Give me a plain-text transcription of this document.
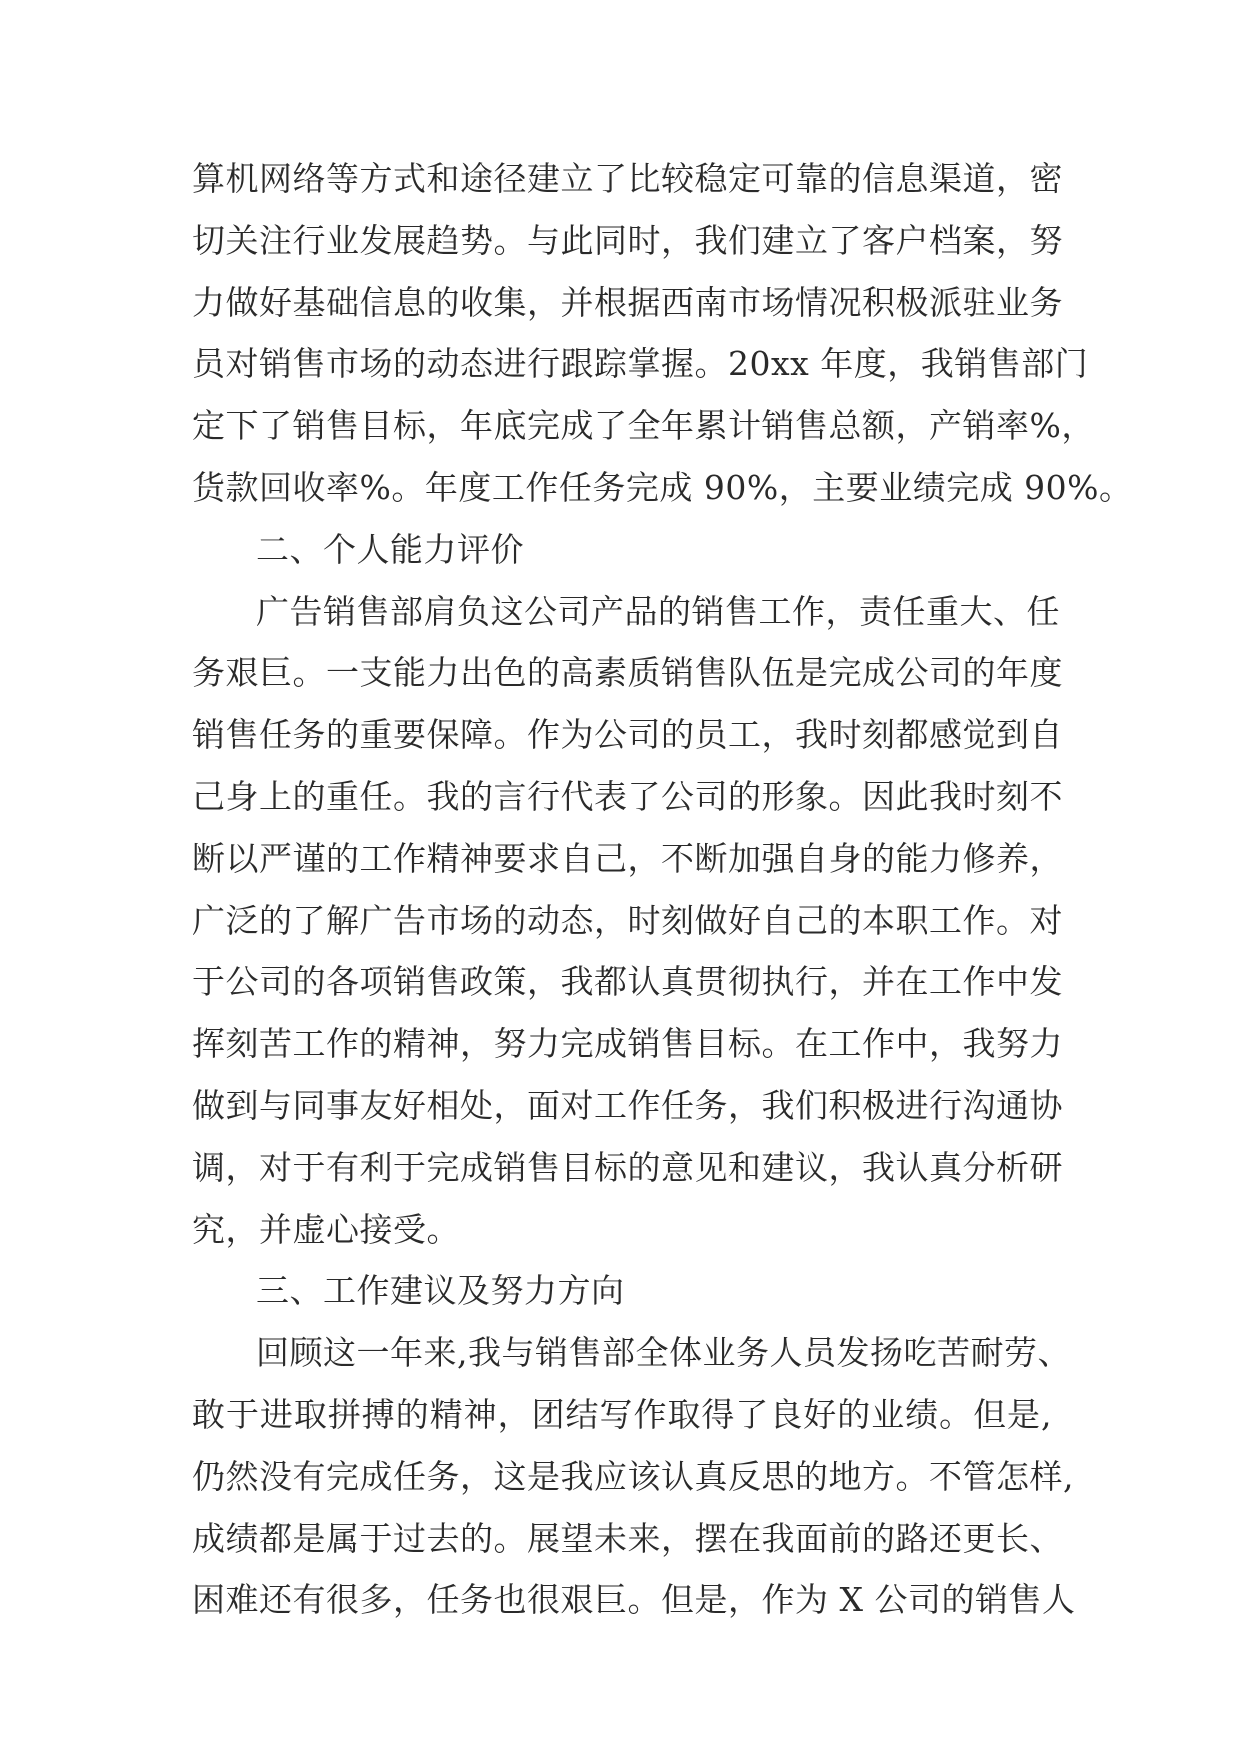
算机网络等方式和途径建立了比较稳定可靠的信息渠道，密
切关注行业发展趋势。与此同时，我们建立了客户档案，努
力做好基础信息的收集，并根据西南市场情况积极派驻业务
员对销售市场的动态进行跟踪掌握。20xx 年度，我销售部门
定下了销售目标，年底完成了全年累计销售总额，产销率%，
货款回收率%。年度工作任务完成 90%，主要业绩完成 90%。
二、个人能力评价
广告销售部肩负这公司产品的销售工作，责任重大、任
务艰巨。一支能力出色的高素质销售队伍是完成公司的年度
销售任务的重要保障。作为公司的员工，我时刻都感觉到自
己身上的重任。我的言行代表了公司的形象。因此我时刻不
断以严谨的工作精神要求自己，不断加强自身的能力修养，
广泛的了解广告市场的动态，时刻做好自己的本职工作。对
于公司的各项销售政策，我都认真贯彻执行，并在工作中发
挥刻苦工作的精神，努力完成销售目标。在工作中，我努力
做到与同事友好相处，面对工作任务，我们积极进行沟通协
调，对于有利于完成销售目标的意见和建议，我认真分析研
究，并虚心接受。
三、工作建议及努力方向
回顾这一年来,我与销售部全体业务人员发扬吃苦耐劳、
敢于进取拼搏的精神，团结写作取得了良好的业绩。但是,
仍然没有完成任务，这是我应该认真反思的地方。不管怎样,
成绩都是属于过去的。展望未来，摆在我面前的路还更长、
困难还有很多，任务也很艰巨。但是，作为 X 公司的销售人
